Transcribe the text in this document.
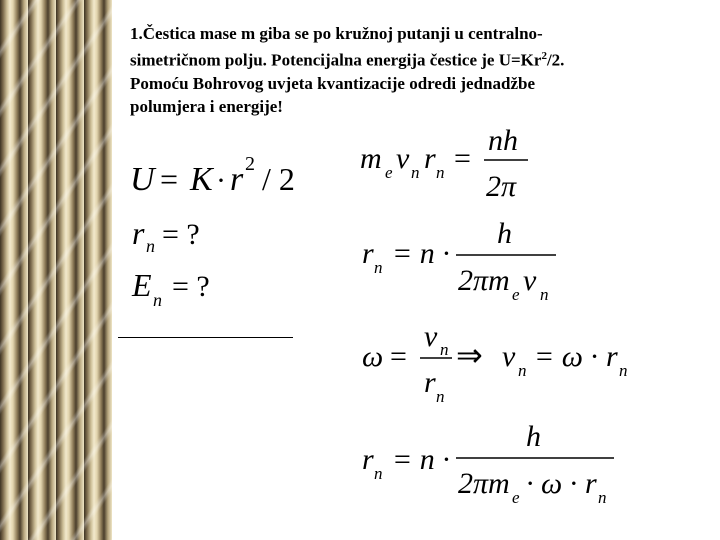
1.Čestica mase m giba se po kružnoj putanji u centralno-

simetričnom polju. Potencijalna energija čestice je $U=Kr^2/2$.

Pomoću Bohrovog uvjeta kvantizacije odredi jednadžbe

polumjera i energije!

U = K · r 2 / 2
r n = ?
E n = ?
m e v n r n =
nh
2π
r n = n ·
h
2πm e v n
ω =
v n
r n
⇒ v n = ω · r n
r n = n ·
h
2πm e · ω · r n
